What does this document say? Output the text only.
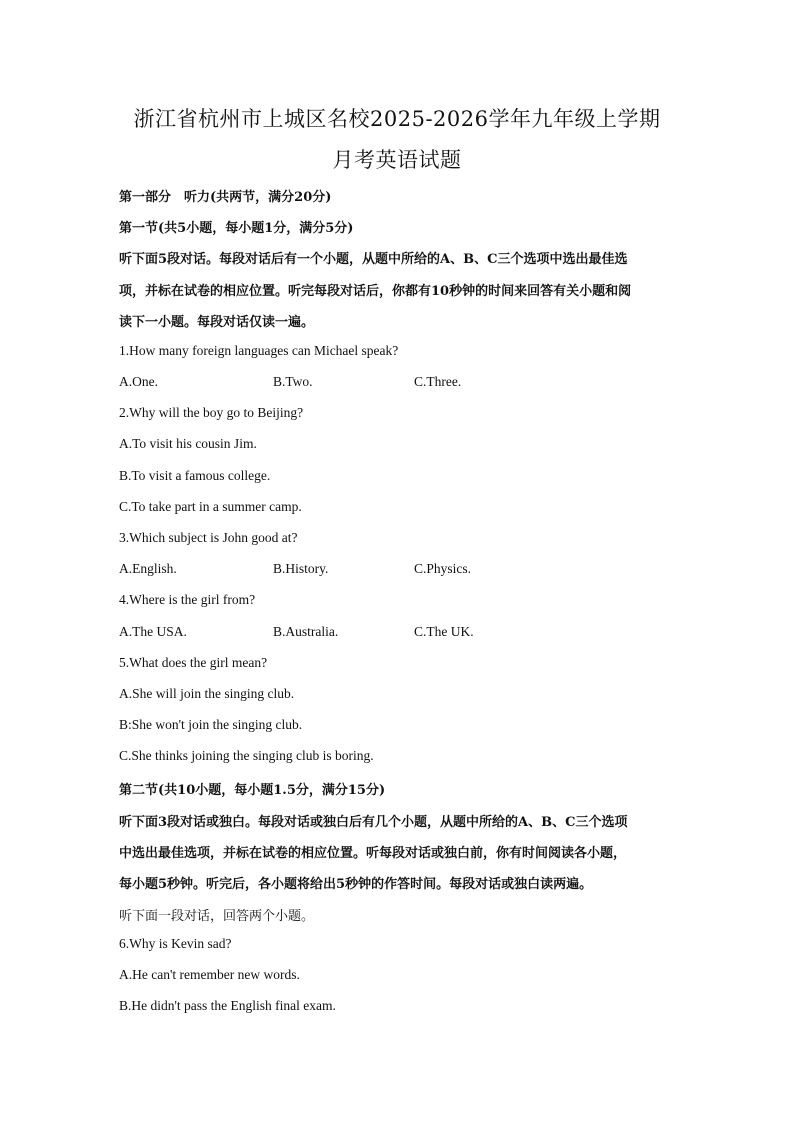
浙江省杭州市上城区名校2025-2026学年九年级上学期
月考英语试题
第一部分　听力(共两节，满分20分)
第一节(共5小题，每小题1分，满分5分)
听下面5段对话。每段对话后有一个小题，从题中所给的A、B、C三个选项中选出最佳选
项，并标在试卷的相应位置。听完每段对话后，你都有10秒钟的时间来回答有关小题和阅
读下一小题。每段对话仅读一遍。
1.How many foreign languages can Michael speak?
A.One.	B.Two.	C.Three.
2.Why will the boy go to Beijing?
A.To visit his cousin Jim.
B.To visit a famous college.
C.To take part in a summer camp.
3.Which subject is John good at?
A.English.	B.History.	C.Physics.
4.Where is the girl from?
A.The USA.	B.Australia.	C.The UK.
5.What does the girl mean?
A.She will join the singing club.
B:She won't join the singing club.
C.She thinks joining the singing club is boring.
第二节(共10小题，每小题1.5分，满分15分)
听下面3段对话或独白。每段对话或独白后有几个小题，从题中所给的A、B、C三个选项
中选出最佳选项，并标在试卷的相应位置。听每段对话或独白前，你有时间阅读各小题，
每小题5秒钟。听完后，各小题将给出5秒钟的作答时间。每段对话或独白读两遍。
听下面一段对话，回答两个小题。
6.Why is Kevin sad?
A.He can't remember new words.
B.He didn't pass the English final exam.
